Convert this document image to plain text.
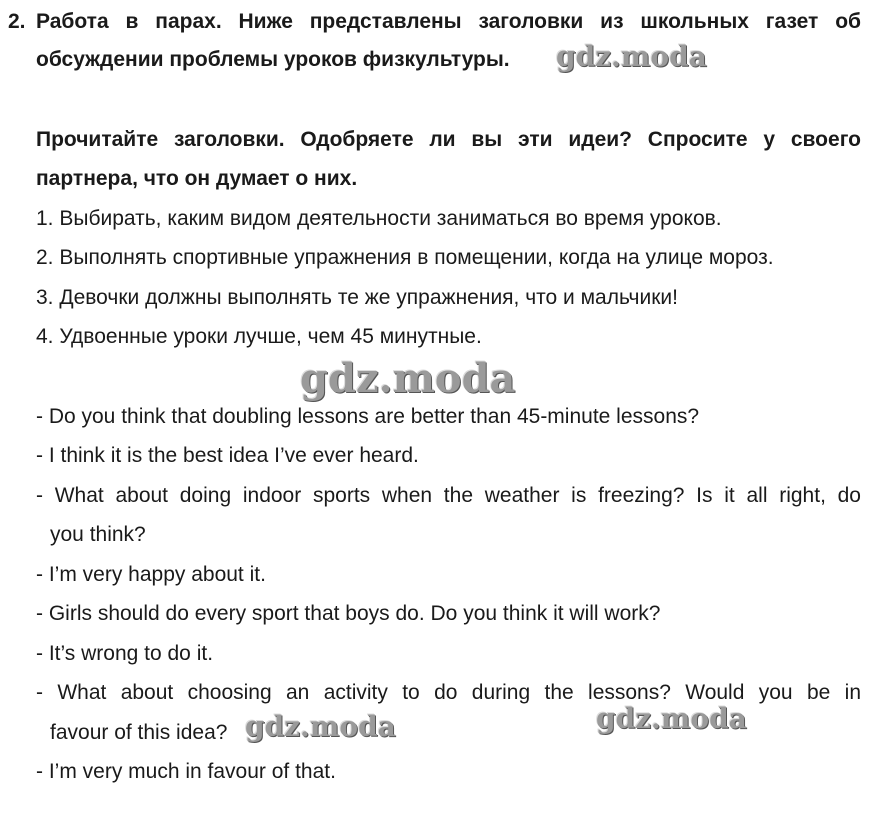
2. Работа в парах. Ниже представлены заголовки из школьных газет об
обсуждении проблемы уроков физкультуры.
Прочитайте заголовки. Одобряете ли вы эти идеи? Спросите у своего
партнера, что он думает о них.
1. Выбирать, каким видом деятельности заниматься во время уроков.
2. Выполнять спортивные упражнения в помещении, когда на улице мороз.
3. Девочки должны выполнять те же упражнения, что и мальчики!
4. Удвоенные уроки лучше, чем 45 минутные.
- Do you think that doubling lessons are better than 45-minute lessons?
- I think it is the best idea I’ve ever heard.
- What about doing indoor sports when the weather is freezing? Is it all right, do
you think?
- I’m very happy about it.
- Girls should do every sport that boys do. Do you think it will work?
- It’s wrong to do it.
- What about choosing an activity to do during the lessons? Would you be in
favour of this idea?
- I’m very much in favour of that.
gdz.moda
gdz.moda
gdz.moda	gdz.moda
